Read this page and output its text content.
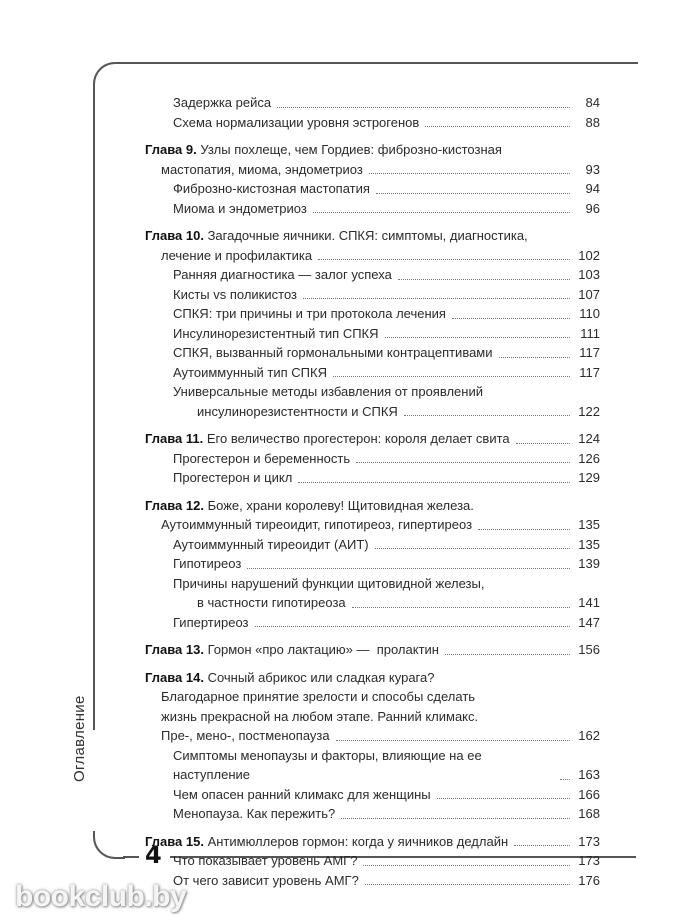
Оглавление
4
bookclub.by
Задержка рейса	84
Схема нормализации уровня эстрогенов	88
Глава 9. Узлы похлеще, чем Гордиев: фиброзно-кистозная
мастопатия, миома, эндометриоз	93
Фиброзно-кистозная мастопатия	94
Миома и эндометриоз	96
Глава 10. Загадочные яичники. СПКЯ: симптомы, диагностика,
лечение и профилактика	102
Ранняя диагностика — залог успеха	103
Кисты vs поликистоз	107
СПКЯ: три причины и три протокола лечения	110
Инсулинорезистентный тип СПКЯ	111
СПКЯ, вызванный гормональными контрацептивами	117
Аутоиммунный тип СПКЯ	117
Универсальные методы избавления от проявлений
инсулинорезистентности и СПКЯ	122
Глава 11. Его величество прогестерон: короля делает свита	124
Прогестерон и беременность	126
Прогестерон и цикл	129
Глава 12. Боже, храни королеву! Щитовидная железа.
Аутоиммунный тиреоидит, гипотиреоз, гипертиреоз	135
Аутоиммунный тиреоидит (АИТ)	135
Гипотиреоз	139
Причины нарушений функции щитовидной железы,
в частности гипотиреоза	141
Гипертиреоз	147
Глава 13. Гормон «про лактацию» —  пролактин	156
Глава 14. Сочный абрикос или сладкая курага?
Благодарное принятие зрелости и способы сделать
жизнь прекрасной на любом этапе. Ранний климакс.
Пре-, мено-, постменопауза	162
Симптомы менопаузы и факторы, влияющие на ее наступление	163
Чем опасен ранний климакс для женщины	166
Менопауза. Как пережить?	168
Глава 15. Антимюллеров гормон: когда у яичников дедлайн	173
Что показывает уровень АМГ?	173
От чего зависит уровень АМГ?	176
